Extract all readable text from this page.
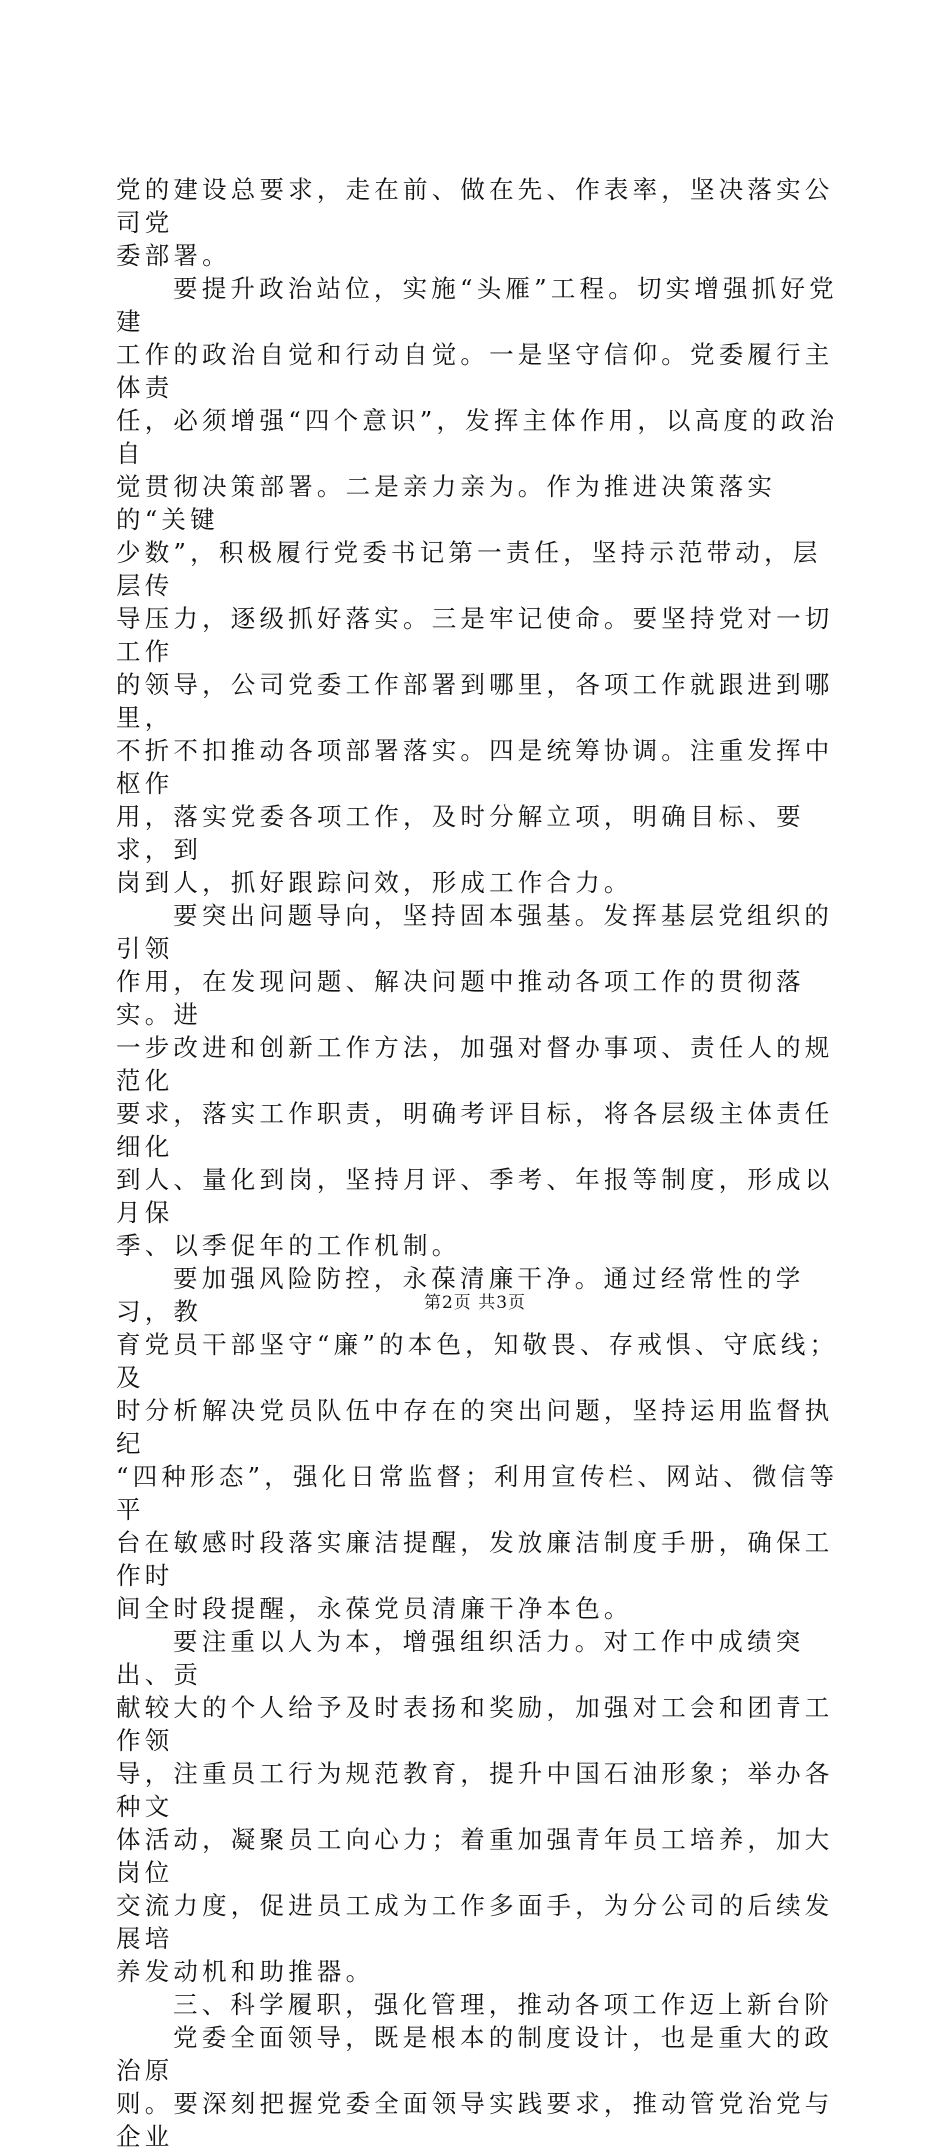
党的建设总要求，走在前、做在先、作表率，坚决落实公司党
委部署。

要提升政治站位，实施“头雁”工程。切实增强抓好党建
工作的政治自觉和行动自觉。一是坚守信仰。党委履行主体责
任，必须增强“四个意识”，发挥主体作用，以高度的政治自
觉贯彻决策部署。二是亲力亲为。作为推进决策落实的“关键
少数”，积极履行党委书记第一责任，坚持示范带动，层层传
导压力，逐级抓好落实。三是牢记使命。要坚持党对一切工作
的领导，公司党委工作部署到哪里，各项工作就跟进到哪里，
不折不扣推动各项部署落实。四是统筹协调。注重发挥中枢作
用，落实党委各项工作，及时分解立项，明确目标、要求，到
岗到人，抓好跟踪问效，形成工作合力。

要突出问题导向，坚持固本强基。发挥基层党组织的引领
作用，在发现问题、解决问题中推动各项工作的贯彻落实。进
一步改进和创新工作方法，加强对督办事项、责任人的规范化
要求，落实工作职责，明确考评目标，将各层级主体责任细化
到人、量化到岗，坚持月评、季考、年报等制度，形成以月保
季、以季促年的工作机制。

要加强风险防控，永葆清廉干净。通过经常性的学习，教
育党员干部坚守“廉”的本色，知敬畏、存戒惧、守底线；及
时分析解决党员队伍中存在的突出问题，坚持运用监督执纪
“四种形态”，强化日常监督；利用宣传栏、网站、微信等平
台在敏感时段落实廉洁提醒，发放廉洁制度手册，确保工作时
间全时段提醒，永葆党员清廉干净本色。

要注重以人为本，增强组织活力。对工作中成绩突出、贡
献较大的个人给予及时表扬和奖励，加强对工会和团青工作领
导，注重员工行为规范教育，提升中国石油形象；举办各种文
体活动，凝聚员工向心力；着重加强青年员工培养，加大岗位
交流力度，促进员工成为工作多面手，为分公司的后续发展培
养发动机和助推器。

三、科学履职，强化管理，推动各项工作迈上新台阶

党委全面领导，既是根本的制度设计，也是重大的政治原
则。要深刻把握党委全面领导实践要求，推动管党治党与企业

第2页 共3页
